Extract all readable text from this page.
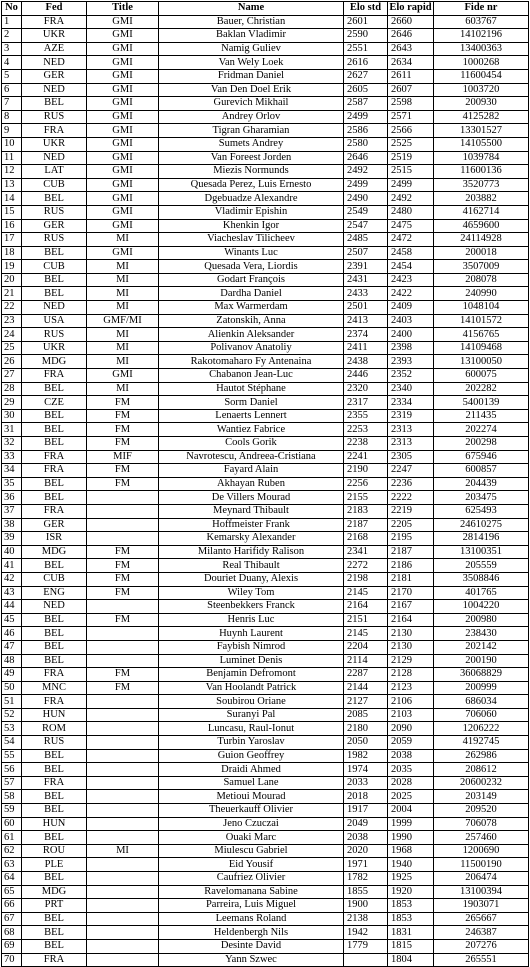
No	Fed	Title	Name	Elo std	Elo rapid	Fide nr
1	FRA	GMI	Bauer, Christian	2601	2660	603767
2	UKR	GMI	Baklan Vladimir	2590	2646	14102196
3	AZE	GMI	Namig Guliev	2551	2643	13400363
4	NED	GMI	Van Wely Loek	2616	2634	1000268
5	GER	GMI	Fridman Daniel	2627	2611	11600454
6	NED	GMI	Van Den Doel Erik	2605	2607	1003720
7	BEL	GMI	Gurevich Mikhail	2587	2598	200930
8	RUS	GMI	Andrey Orlov	2499	2571	4125282
9	FRA	GMI	Tigran Gharamian	2586	2566	13301527
10	UKR	GMI	Sumets Andrey	2580	2525	14105500
11	NED	GMI	Van Foreest Jorden	2646	2519	1039784
12	LAT	GMI	Miezis Normunds	2492	2515	11600136
13	CUB	GMI	Quesada Perez, Luis Ernesto	2499	2499	3520773
14	BEL	GMI	Dgebuadze Alexandre	2490	2492	203882
15	RUS	GMI	Vladimir Epishin	2549	2480	4162714
16	GER	GMI	Khenkin Igor	2547	2475	4659600
17	RUS	MI	Viacheslav Tilicheev	2485	2472	24114928
18	BEL	GMI	Winants Luc	2507	2458	200018
19	CUB	MI	Quesada Vera, Liordis	2391	2454	3507009
20	BEL	MI	Godart François	2431	2423	208078
21	BEL	MI	Dardha Daniel	2433	2422	240990
22	NED	MI	Max Warmerdam	2501	2409	1048104
23	USA	GMF/MI	Zatonskih, Anna	2413	2403	14101572
24	RUS	MI	Alienkin Aleksander	2374	2400	4156765
25	UKR	MI	Polivanov Anatoliy	2411	2398	14109468
26	MDG	MI	Rakotomaharo Fy Antenaina	2438	2393	13100050
27	FRA	GMI	Chabanon Jean-Luc	2446	2352	600075
28	BEL	MI	Hautot Stéphane	2320	2340	202282
29	CZE	FM	Sorm Daniel	2317	2334	5400139
30	BEL	FM	Lenaerts Lennert	2355	2319	211435
31	BEL	FM	Wantiez Fabrice	2253	2313	202274
32	BEL	FM	Cools Gorik	2238	2313	200298
33	FRA	MIF	Navrotescu, Andreea-Cristiana	2241	2305	675946
34	FRA	FM	Fayard Alain	2190	2247	600857
35	BEL	FM	Akhayan Ruben	2256	2236	204439
36	BEL		De Villers Mourad	2155	2222	203475
37	FRA		Meynard Thibault	2183	2219	625493
38	GER		Hoffmeister Frank	2187	2205	24610275
39	ISR		Kemarsky Alexander	2168	2195	2814196
40	MDG	FM	Milanto Harifidy Ralison	2341	2187	13100351
41	BEL	FM	Real Thibault	2272	2186	205559
42	CUB	FM	Douriet Duany, Alexis	2198	2181	3508846
43	ENG	FM	Wiley Tom	2145	2170	401765
44	NED		Steenbekkers Franck	2164	2167	1004220
45	BEL	FM	Henris Luc	2151	2164	200980
46	BEL		Huynh Laurent	2145	2130	238430
47	BEL		Faybish Nimrod	2204	2130	202142
48	BEL		Luminet Denis	2114	2129	200190
49	FRA	FM	Benjamin Defromont	2287	2128	36068829
50	MNC	FM	Van Hoolandt Patrick	2144	2123	200999
51	FRA		Soubirou Oriane	2127	2106	686034
52	HUN		Suranyi Pal	2085	2103	706060
53	ROM		Luncasu, Raul-Ionut	2180	2090	1206222
54	RUS		Turbin Yaroslav	2050	2059	4192745
55	BEL		Guion Geoffrey	1982	2038	262986
56	BEL		Draidi Ahmed	1974	2035	208612
57	FRA		Samuel Lane	2033	2028	20600232
58	BEL		Metioui Mourad	2018	2025	203149
59	BEL		Theuerkauff Olivier	1917	2004	209520
60	HUN		Jeno Czuczai	2049	1999	706078
61	BEL		Ouaki Marc	2038	1990	257460
62	ROU	MI	Miulescu Gabriel	2020	1968	1200690
63	PLE		Eid Yousif	1971	1940	11500190
64	BEL		Caufriez Olivier	1782	1925	206474
65	MDG		Ravelomanana Sabine	1855	1920	13100394
66	PRT		Parreira, Luis Miguel	1900	1853	1903071
67	BEL		Leemans Roland	2138	1853	265667
68	BEL		Heldenbergh Nils	1942	1831	246387
69	BEL		Desinte David	1779	1815	207276
70	FRA		Yann Szwec		1804	265551
